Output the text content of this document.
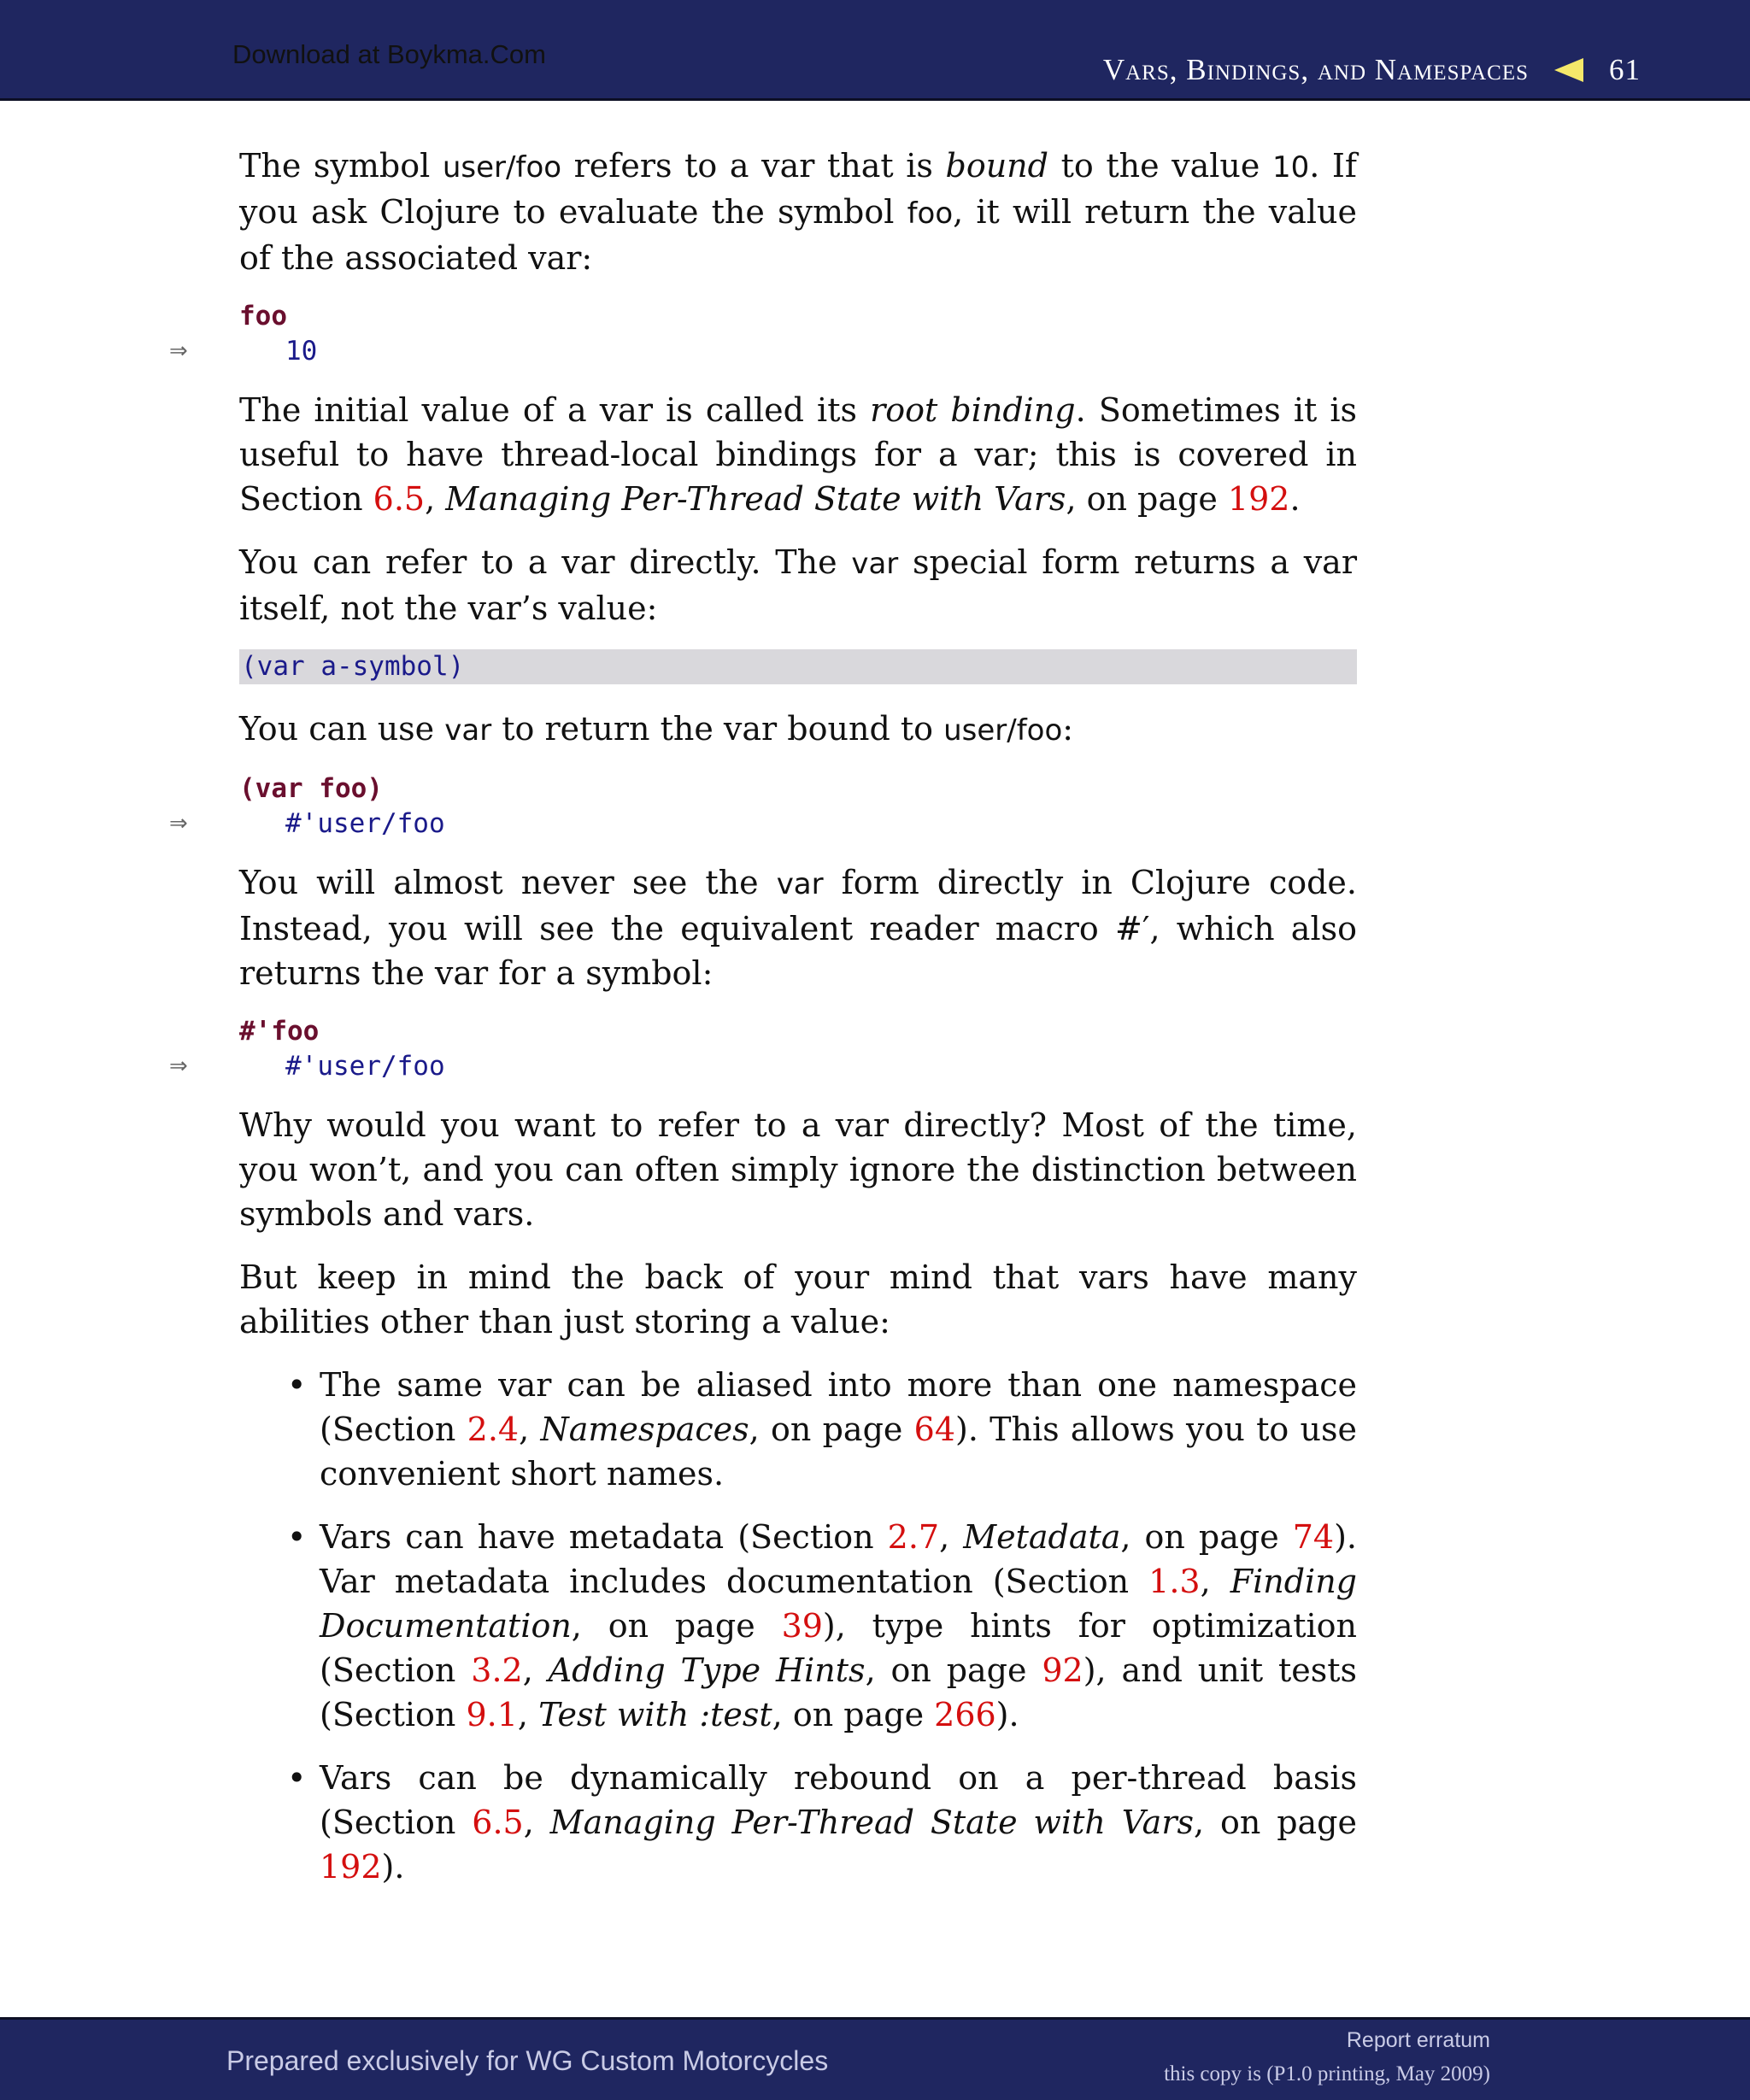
Download at Boykma.Com	Vars, Bindings, and Namespaces	61

The symbol user/foo refers to a var that is bound to the value 10. If you ask Clojure to evaluate the symbol foo, it will return the value of the associated var:

foo
⇒	10

The initial value of a var is called its root binding. Sometimes it is useful to have thread-local bindings for a var; this is covered in Section 6.5, Managing Per-Thread State with Vars, on page 192.

You can refer to a var directly. The var special form returns a var itself, not the var’s value:

(var a-symbol)

You can use var to return the var bound to user/foo:

(var foo)
⇒	#'user/foo

You will almost never see the var form directly in Clojure code. Instead, you will see the equivalent reader macro #′, which also returns the var for a symbol:

#'foo
⇒	#'user/foo

Why would you want to refer to a var directly? Most of the time, you won’t, and you can often simply ignore the distinction between symbols and vars.

But keep in mind the back of your mind that vars have many abilities other than just storing a value:

• The same var can be aliased into more than one namespace (Section 2.4, Namespaces, on page 64). This allows you to use convenient short names.
• Vars can have metadata (Section 2.7, Metadata, on page 74). Var metadata includes documentation (Section 1.3, Finding Documentation, on page 39), type hints for optimization (Section 3.2, Adding Type Hints, on page 92), and unit tests (Section 9.1, Test with :test, on page 266).
• Vars can be dynamically rebound on a per-thread basis (Section 6.5, Managing Per-Thread State with Vars, on page 192).
Prepared exclusively for WG Custom Motorcycles
Report erratum
this copy is (P1.0 printing, May 2009)
